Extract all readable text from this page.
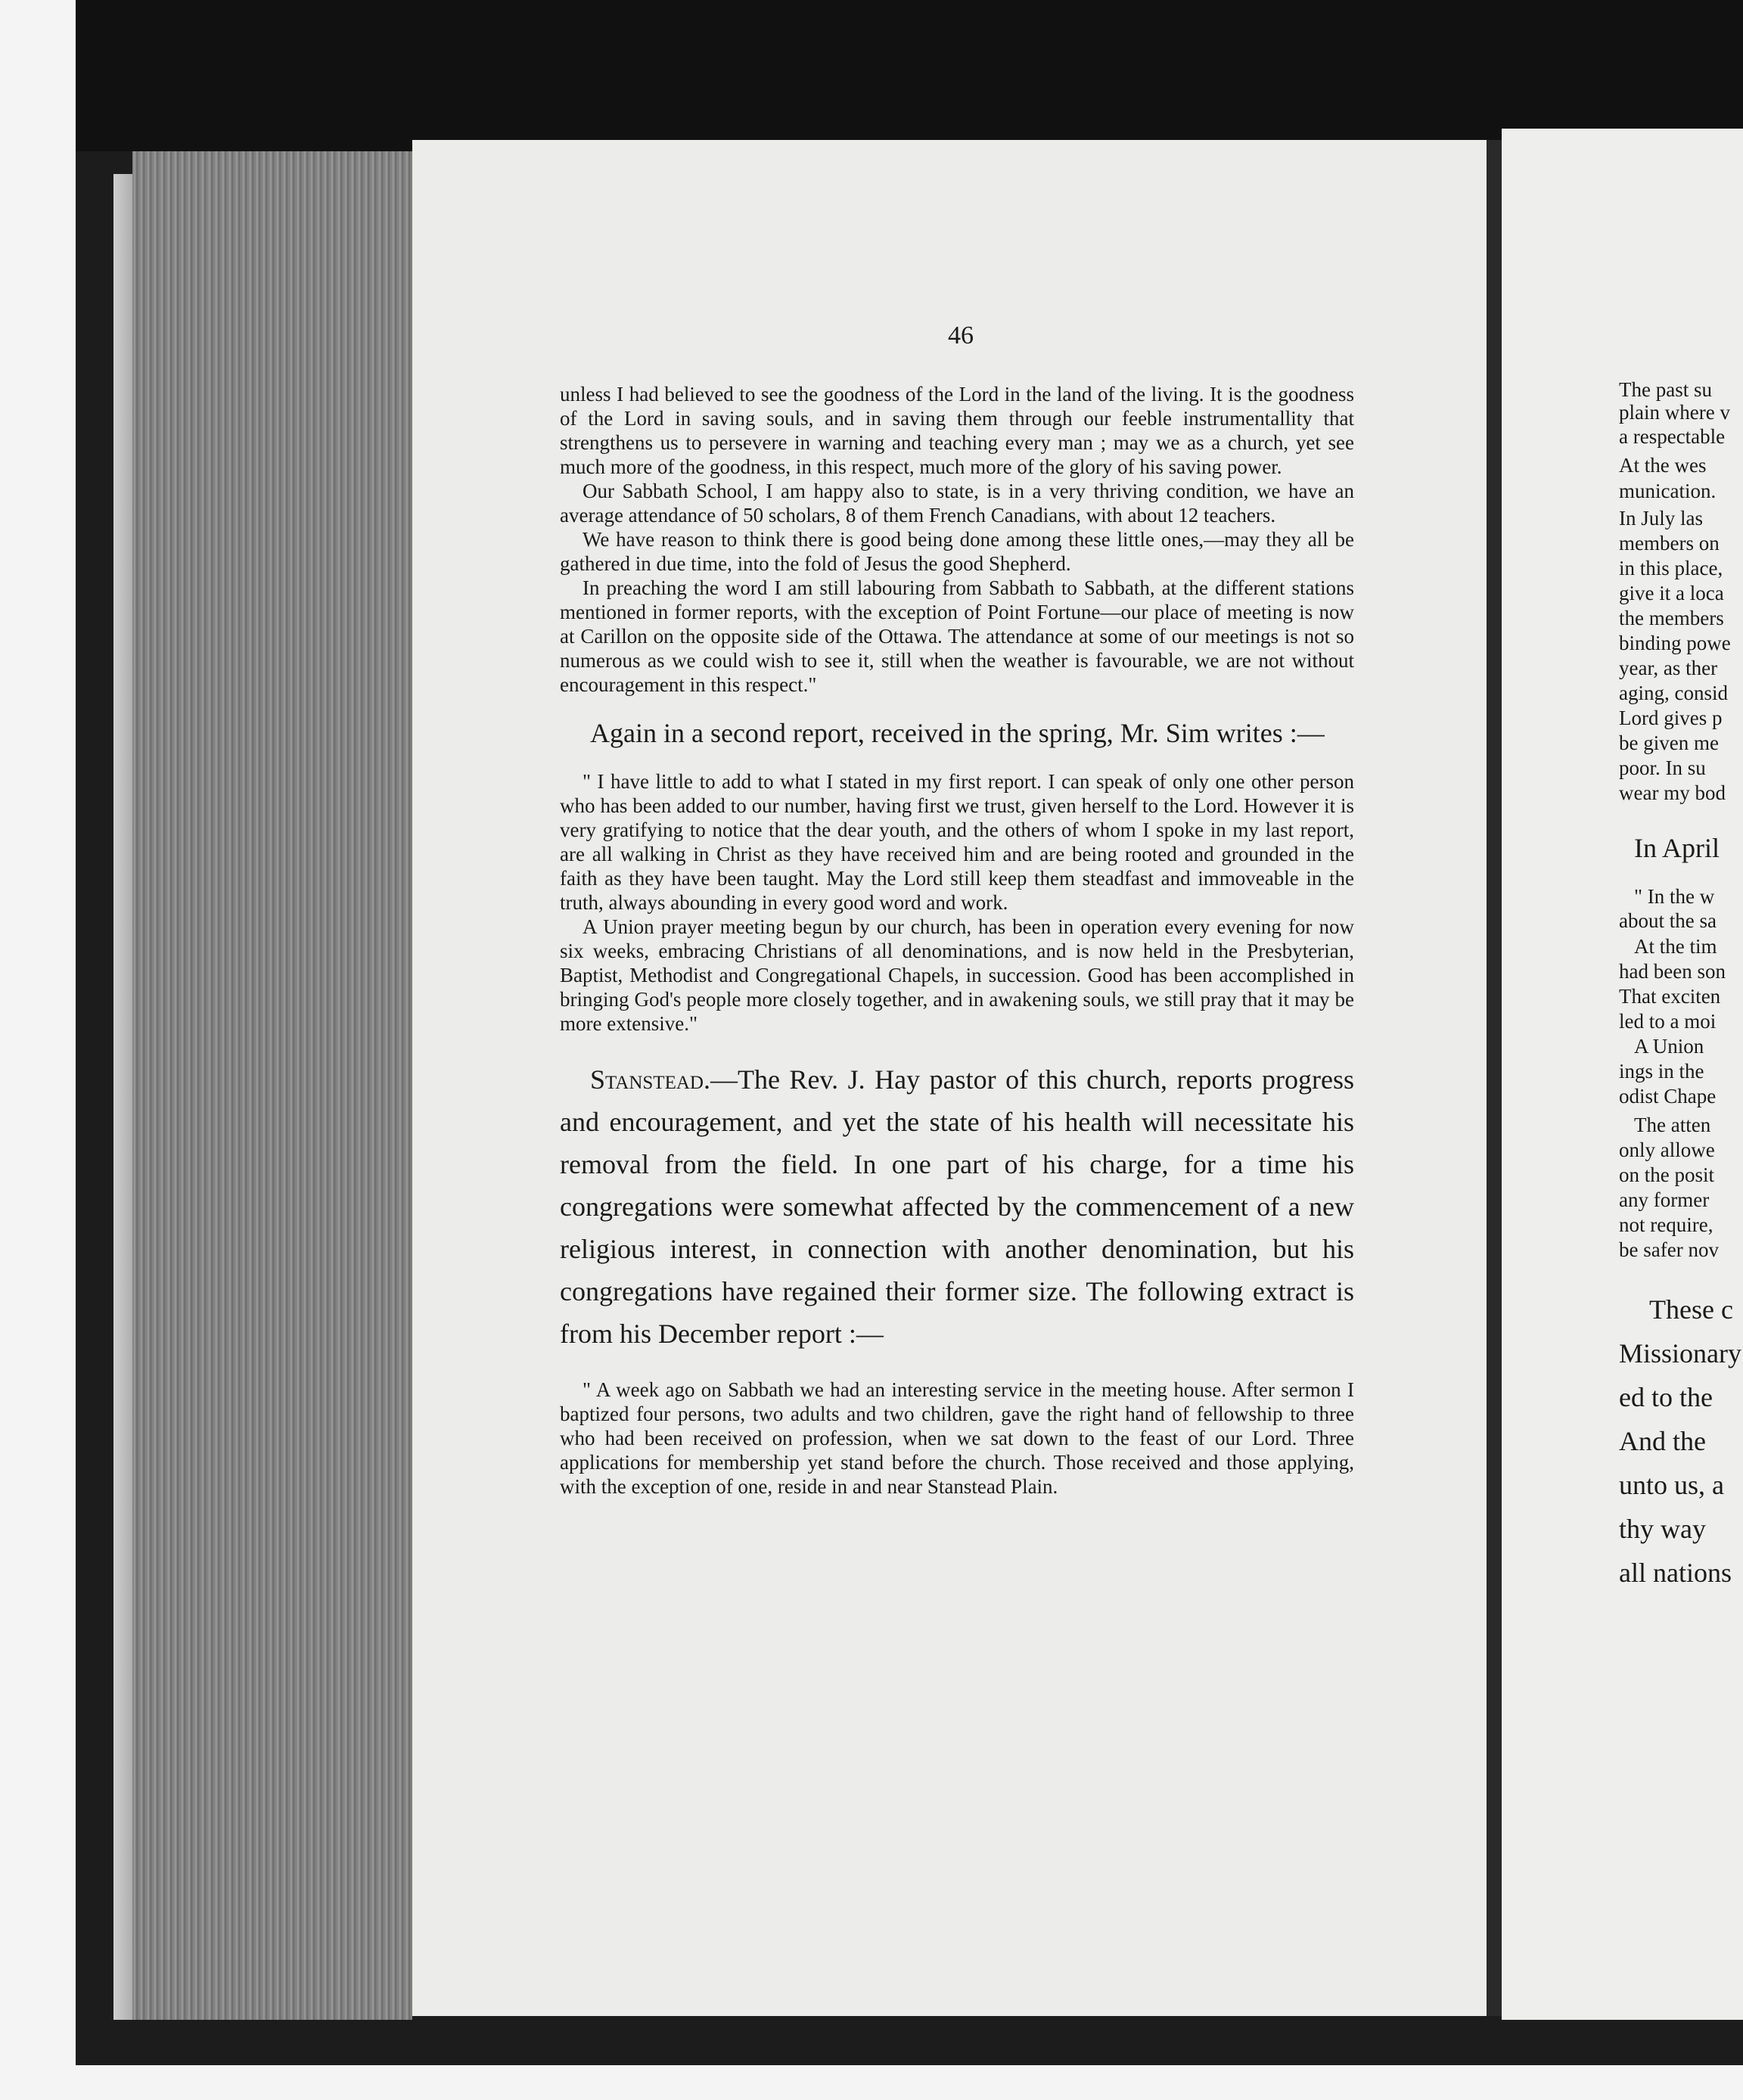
46

unless I had believed to see the goodness of the Lord in the land of the living. It is the goodness of the Lord in saving souls, and in saving them through our feeble instrumentallity that strengthens us to persevere in warning and teaching every man ; may we as a church, yet see much more of the goodness, in this respect, much more of the glory of his saving power.

Our Sabbath School, I am happy also to state, is in a very thriving condition, we have an average attendance of 50 scholars, 8 of them French Canadians, with about 12 teachers.

We have reason to think there is good being done among these little ones,—may they all be gathered in due time, into the fold of Jesus the good Shepherd.

In preaching the word I am still labouring from Sabbath to Sabbath, at the different stations mentioned in former reports, with the exception of Point Fortune—our place of meeting is now at Carillon on the opposite side of the Ottawa. The attendance at some of our meetings is not so numerous as we could wish to see it, still when the weather is favourable, we are not without encouragement in this respect."

Again in a second report, received in the spring, Mr. Sim writes :—

" I have little to add to what I stated in my first report. I can speak of only one other person who has been added to our number, having first we trust, given herself to the Lord. However it is very gratifying to notice that the dear youth, and the others of whom I spoke in my last report, are all walking in Christ as they have received him and are being rooted and grounded in the faith as they have been taught. May the Lord still keep them steadfast and immoveable in the truth, always abounding in every good word and work.

A Union prayer meeting begun by our church, has been in operation every evening for now six weeks, embracing Christians of all denominations, and is now held in the Presbyterian, Baptist, Methodist and Congregational Chapels, in succession. Good has been accomplished in bringing God's people more closely together, and in awakening souls, we still pray that it may be more extensive."

Stanstead.—The Rev. J. Hay pastor of this church, reports progress and encouragement, and yet the state of his health will necessitate his removal from the field. In one part of his charge, for a time his congregations were somewhat affected by the commencement of a new religious interest, in connection with another denomination, but his congregations have regained their former size. The following extract is from his December report :—

" A week ago on Sabbath we had an interesting service in the meeting house. After sermon I baptized four persons, two adults and two children, gave the right hand of fellowship to three who had been received on profession, when we sat down to the feast of our Lord. Three applications for membership yet stand before the church. Those received and those applying, with the exception of one, reside in and near Stanstead Plain.

The past su
plain where v
a respectable
At the wes
munication.
In July las
members on
in this place,
give it a loca
the members
binding powe
year, as ther
aging, consid
Lord gives p
be given me
poor. In su
wear my bod
In April
" In the w
about the sa
At the tim
had been son
That exciten
led to a moi
A Union
ings in the
odist Chape
The atten
only allowe
on the posit
any former
not require,
be safer nov
These c
Missionary
ed to the
And the
unto us, a
thy way
all nations
